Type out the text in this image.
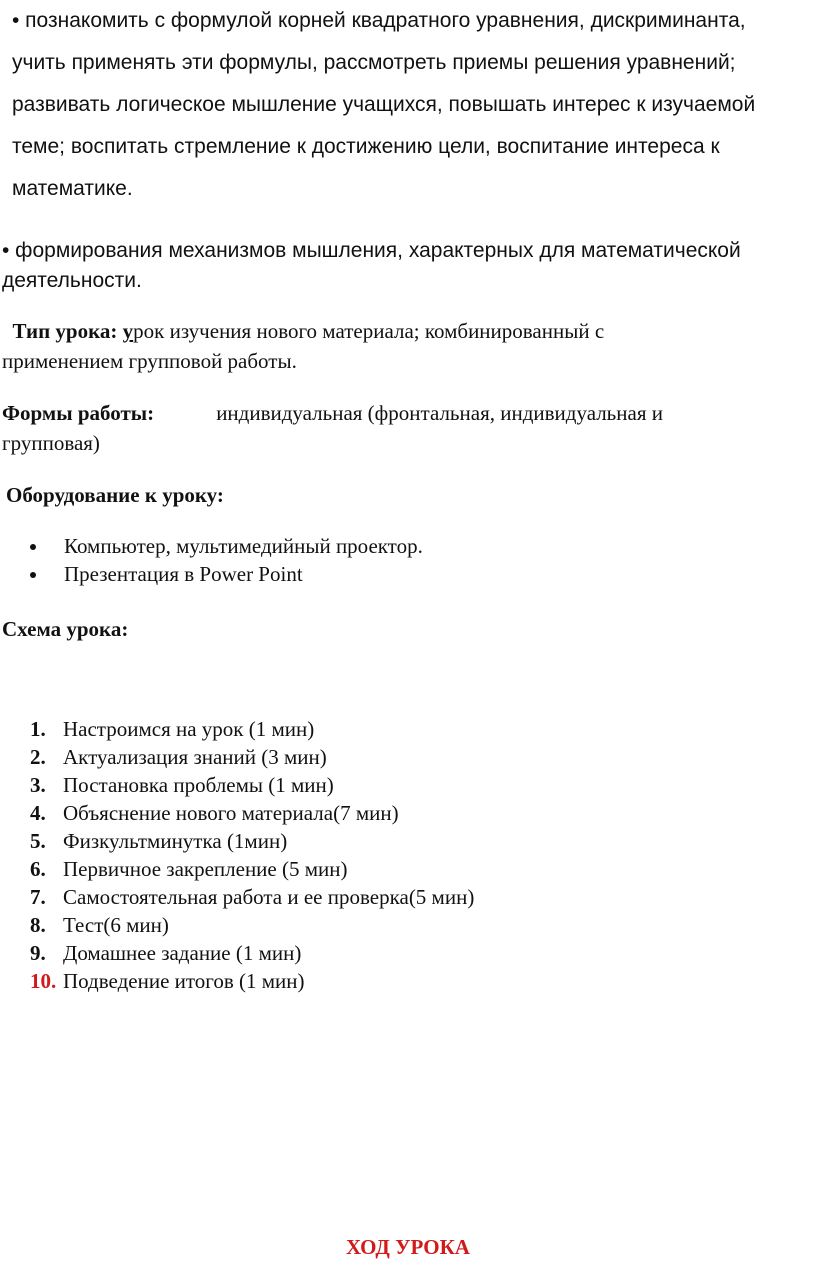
• познакомить с формулой корней квадратного уравнения, дискриминанта,

учить применять эти формулы, рассмотреть приемы решения уравнений;

развивать логическое мышление учащихся, повышать интерес к изучаемой

теме; воспитать стремление к достижению цели, воспитание интереса к

математике.

• формирования механизмов мышления, характерных для математической
деятельности.
Тип урока: урок изучения нового материала; комбинированный с
применением групповой работы.
Формы работы:	индивидуальная (фронтальная, индивидуальная и
групповая)
Оборудование к уроку:
Компьютер, мультимедийный проектор.
Презентация в Power Point
Схема урока:
1. Настроимся на урок (1 мин)
2. Актуализация знаний (3 мин)
3. Постановка проблемы (1 мин)
4. Объяснение нового материала(7 мин)
5. Физкультминутка (1мин)
6. Первичное закрепление (5 мин)
7. Самостоятельная работа и ее проверка(5 мин)
8. Тест(6 мин)
9. Домашнее задание (1 мин)
10. Подведение итогов (1 мин)
ХОД УРОКА
